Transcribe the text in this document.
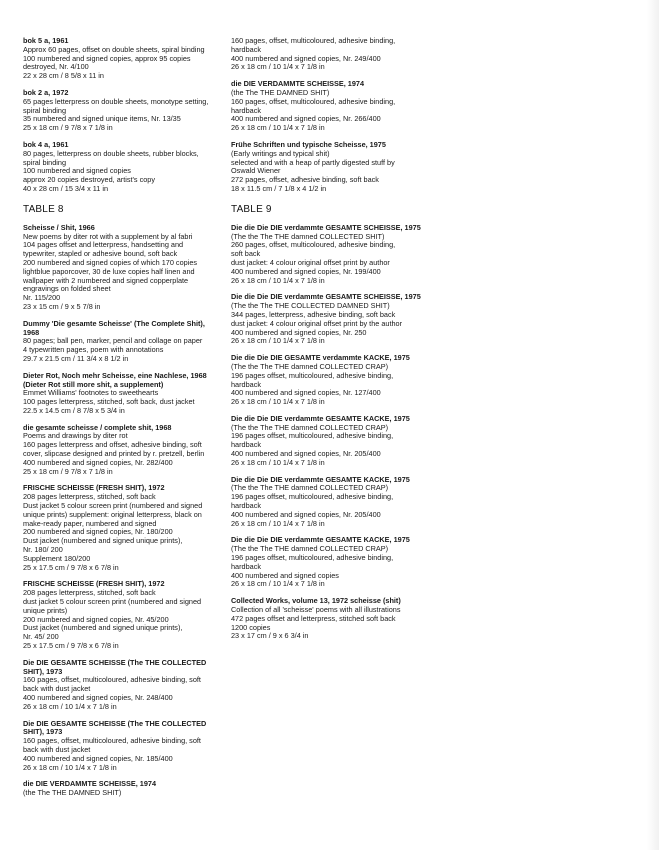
bok 5 a, 1961
Approx 60 pages, offset on double sheets, spiral binding
100 numbered and signed copies, approx 95 copies
destroyed, Nr. 4/100
22 x 28 cm / 8 5/8 x 11 in
bok 2 a, 1972
65 pages letterpress on double sheets, monotype setting,
spiral binding
35 numbered and signed unique items, Nr. 13/35
25 x 18 cm / 9 7/8 x 7 1/8 in
bok 4 a, 1961
80 pages, letterpress on double sheets, rubber blocks,
spiral binding
100 numbered and signed copies
approx 20 copies destroyed, artist's copy
40 x 28 cm / 15 3/4 x 11 in
TABLE 8
Scheisse / Shit, 1966
New poems by diter rot with a supplement by al fabri
104 pages offset and letterpress, handsetting and
typewriter, stapled or adhesive bound, soft back
200 numbered and signed copies of which 170 copies
lightblue paporcover, 30 de luxe copies half linen and
wallpaper with 2 numbered and signed copperplate
engravings on folded sheet
Nr. 115/200
23 x 15 cm / 9 x 5 7/8 in
Dummy 'Die gesamte Scheisse' (The Complete Shit), 1968
80 pages; ball pen, marker, pencil and collage on paper
4 typewritten pages, poem with annotations
29.7 x 21.5 cm / 11 3/4 x 8 1/2 in
Dieter Rot, Noch mehr Scheisse, eine Nachlese, 1968 (Dieter Rot still more shit, a supplement)
Emmet Williams' footnotes to sweethearts
100 pages letterpress, stitched, soft back, dust jacket
22.5 x 14.5 cm / 8 7/8 x 5 3/4 in
die gesamte scheisse / complete shit, 1968
Poems and drawings by diter rot
160 pages letterpress and offset, adhesive binding, soft
cover, slipcase designed and printed by r. pretzell, berlin
400 numbered and signed copies, Nr. 282/400
25 x 18 cm / 9 7/8 x 7 1/8 in
FRISCHE SCHEISSE (FRESH SHIT), 1972
208 pages letterpress, stitched, soft back
Dust jacket 5 colour screen print (numbered and signed
unique prints) supplement: original letterpress, black on
make-ready paper, numbered and signed
200 numbered and signed copies, Nr. 180/200
Dust jacket (numbered and signed unique prints),
Nr. 180/ 200
Supplement 180/200
25 x 17.5 cm / 9 7/8 x 6 7/8 in
FRISCHE SCHEISSE (FRESH SHIT), 1972
208 pages letterpress, stitched, soft back
dust jacket 5 colour screen print (numbered and signed
unique prints)
200 numbered and signed copies, Nr. 45/200
Dust jacket (numbered and signed unique prints),
Nr. 45/ 200
25 x 17.5 cm / 9 7/8 x 6 7/8 in
Die DIE GESAMTE SCHEISSE (The THE COLLECTED SHIT), 1973
160 pages, offset, multicoloured, adhesive binding, soft
back with dust jacket
400 numbered and signed copies, Nr. 248/400
26 x 18 cm / 10 1/4 x 7 1/8 in
Die DIE GESAMTE SCHEISSE (The THE COLLECTED SHIT), 1973
160 pages, offset, multicoloured, adhesive binding, soft
back with dust jacket
400 numbered and signed copies, Nr. 185/400
26 x 18 cm / 10 1/4 x 7 1/8 in
die DIE VERDAMMTE SCHEISSE, 1974
(the The THE DAMNED SHIT)
160 pages, offset, multicoloured, adhesive binding,
hardback
400 numbered and signed copies, Nr. 249/400
26 x 18 cm / 10 1/4 x 7 1/8 in
die DIE VERDAMMTE SCHEISSE, 1974
(the The THE DAMNED SHIT)
160 pages, offset, multicoloured, adhesive binding,
hardback
400 numbered and signed copies, Nr. 266/400
26 x 18 cm / 10 1/4 x 7 1/8 in
Frühe Schriften und typische Scheisse, 1975
(Early writings and typical shit)
selected and with a heap of partly digested stuff by
Oswald Wiener
272 pages, offset, adhesive binding, soft back
18 x 11.5 cm / 7 1/8 x 4 1/2 in
TABLE 9
Die die Die DIE verdammte GESAMTE SCHEISSE, 1975
(The the The THE damned COLLECTED SHIT)
260 pages, offset, multicoloured, adhesive binding,
soft back
dust jacket: 4 colour original offset print by author
400 numbered and signed copies, Nr. 199/400
26 x 18 cm / 10 1/4 x 7 1/8 in
Die die Die DIE verdammte GESAMTE SCHEISSE, 1975
(The the The THE COLLECTED DAMNED SHIT)
344 pages, letterpress, adhesive binding, soft back
dust jacket: 4 colour original offset print by the author
400 numbered and signed copies, Nr. 250
26 x 18 cm / 10 1/4 x 7 1/8 in
Die die Die DIE GESAMTE verdammte KACKE, 1975
(The the The THE damned COLLECTED CRAP)
196 pages offset, multicoloured, adhesive binding,
hardback
400 numbered and signed copies, Nr. 127/400
26 x 18 cm / 10 1/4 x 7 1/8 in
Die die Die DIE verdammte GESAMTE KACKE, 1975
(The the The THE damned COLLECTED CRAP)
196 pages offset, multicoloured, adhesive binding,
hardback
400 numbered and signed copies, Nr. 205/400
26 x 18 cm / 10 1/4 x 7 1/8 in
Die die Die DIE verdammte GESAMTE KACKE, 1975
(The the The THE damned COLLECTED CRAP)
196 pages offset, multicoloured, adhesive binding,
hardback
400 numbered and signed copies, Nr. 205/400
26 x 18 cm / 10 1/4 x 7 1/8 in
Die die Die DIE verdammte GESAMTE KACKE, 1975
(The the The THE damned COLLECTED CRAP)
196 pages offset, multicoloured, adhesive binding,
hardback
400 numbered and signed copies
26 x 18 cm / 10 1/4 x 7 1/8 in
Collected Works, volume 13, 1972 scheisse (shit)
Collection of all 'scheisse' poems with all illustrations
472 pages offset and letterpress, stitched soft back
1200 copies
23 x 17 cm / 9 x 6 3/4 in
